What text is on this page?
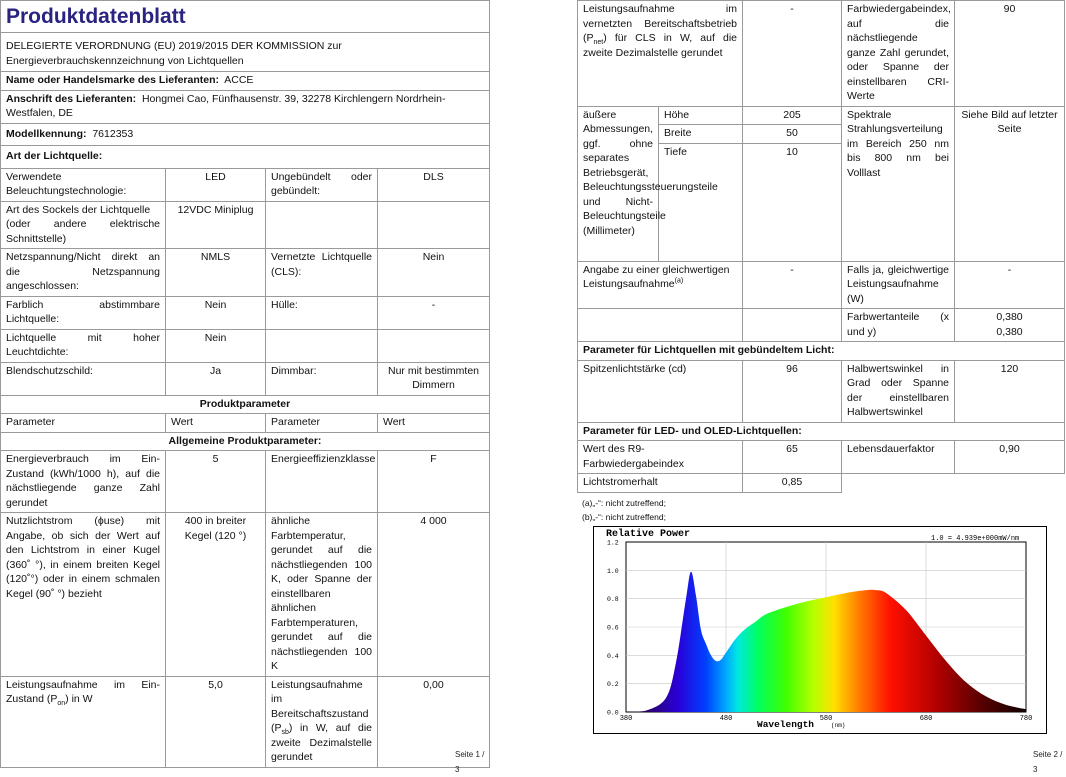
Produktdatenblatt			
DELEGIERTE VERORDNUNG (EU) 2019/2015 DER KOMMISSION zur Energieverbrauchskennzeichnung von Lichtquellen			
Name oder Handelsmarke des Lieferanten: ACCE			
Anschrift des Lieferanten: Hongmei Cao, Fünfhausenstr. 39, 32278 Kirchlengern Nordrhein-Westfalen, DE			
Modellkennung: 7612353			
Art der Lichtquelle:			
Verwendete Beleuchtungstechnologie:	LED	Ungebündelt oder gebündelt:	DLS

Art des Sockels der Lichtquelle
(oder andere elektrische Schnittstelle)	12VDC Miniplug		
Netzspannung/Nicht direkt an die Netzspannung angeschlossen:	NMLS	Vernetzte Lichtquelle (CLS):	Nein
Farblich abstimmbare Lichtquelle:	Nein	Hülle:	-
Lichtquelle mit hoher Leuchtdichte:	Nein		
Blendschutzschild:	Ja	Dimmbar:	Nur mit bestimmten Dimmern
Produktparameter			
Parameter	Wert	Parameter	Wert
Allgemeine Produktparameter:			
Energieverbrauch im Ein-Zustand (kWh/1000 h), auf die nächstliegende ganze Zahl gerundet	5	Energieeffizienzklasse	F
Nutzlichtstrom (ϕuse) mit Angabe, ob sich der Wert auf den Lichtstrom in einer Kugel (360˚ °), in einem breiten Kegel (120˚°) oder in einem schmalen Kegel (90˚ °) bezieht	400 in breiter Kegel (120 °)	ähnliche Farbtemperatur, gerundet auf die nächstliegenden 100 K, oder Spanne der einstellbaren ähnlichen Farbtemperaturen, gerundet auf die nächstliegenden 100 K	4 000
Leistungsaufnahme im Ein-Zustand $(P_{on})$ in W	5,0	Leistungsaufnahme im Bereitschaftszustand $(P_{sb})$ in W, auf die zweite Dezimalstelle gerundet	0,00
Seite 1 / 3
Leistungsaufnahme im vernetzten Bereitschaftsbetrieb $(P_{net})$ für CLS in W, auf die zweite Dezimalstelle gerundet		-	Farbwiedergabeindex, auf die nächstliegende ganze Zahl gerundet, oder Spanne der einstellbaren CRI-Werte	90
äußere Abmessungen, ggf. ohne separates Betriebsgerät, Beleuchtungssteuerungsteile und Nicht-Beleuchtungsteile (Millimeter)	Höhe	205	Spektrale Strahlungsverteilung im Bereich 250 nm bis 800 nm bei Volllast	Siehe Bild auf letzter Seite
	Breite	50		
	Tiefe	10		
Angabe zu einer gleichwertigen Leistungsaufnahme$^{(a)}$		-	Falls ja, gleichwertige Leistungsaufnahme (W)	-
			Farbwertanteile (x und y)	0,380
0,380
Parameter für Lichtquellen mit gebündeltem Licht:				
Spitzenlichtstärke (cd)		96	Halbwertswinkel in Grad oder Spanne der einstellbaren Halbwertswinkel	120
Parameter für LED- und OLED-Lichtquellen:				
Wert des R9-Farbwiedergabeindex		65	Lebensdauerfaktor	0,90
Lichtstromerhalt		0,85		
(a)„-“: nicht zutreffend;
(b)„-“: nicht zutreffend;
Seite 2 / 3
Relative Power	1.0 = 4.939e+000mW/nm
0.0
0.2
0.4
0.6
0.8
1.0
1.2
380	480	580	680	780
Wavelength	(nm)
